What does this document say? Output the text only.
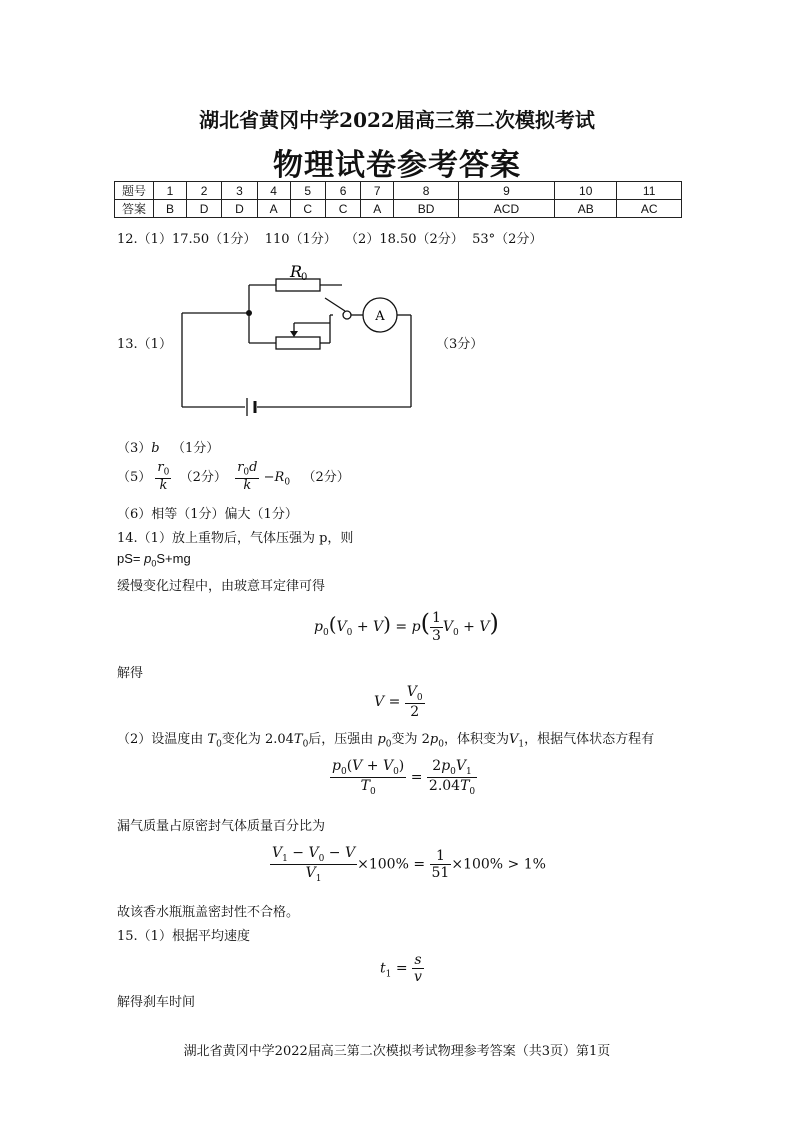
湖北省黄冈中学2022届高三第二次模拟考试
物理试卷参考答案
题号	1	2	3	4	5	6	7	8	9	10	11
答案	B	D	D	A	C	C	A	BD	ACD	AB	AC
12.（1）17.50（1分）  110（1分）  （2）18.50（2分）  53°（2分）
13.（1）	（3分）
R
0
A
（3）b （1分）
$(5) \frac{r_0}{k} (2$分） $\frac{r_0d}{k} -R_0$ （2分）
（6）相等（1分）偏大（1分）
14.（1）放上重物后，气体压强为 p，则
$pS= p_0S+mg$
缓慢变化过程中，由玻意耳定律可得
$p_0(V_0 + V) = p( \frac{1}{3} V_0 + V)$
解得
$V = \frac{V_0}{2}$
（2）设温度由 $T_0$变化为 $2.04T_0$后，压强由 $p_0$变为 $2p_0$，体积变为$V_1$，根据气体状态方程有
$\frac{p_0(V + V_0)}{T_0} = \frac{2p_0V_1}{2.04T_0}$
漏气质量占原密封气体质量百分比为
$\frac{V_1 - V_0 - V}{V_1} \times 100\% = \frac{1}{51} \times 100\% > 1\%$
故该香水瓶瓶盖密封性不合格。
15.（1）根据平均速度
$t_1 = \frac{s}{v}$
解得刹车时间
湖北省黄冈中学2022届高三第二次模拟考试物理参考答案（共3页）第1页
